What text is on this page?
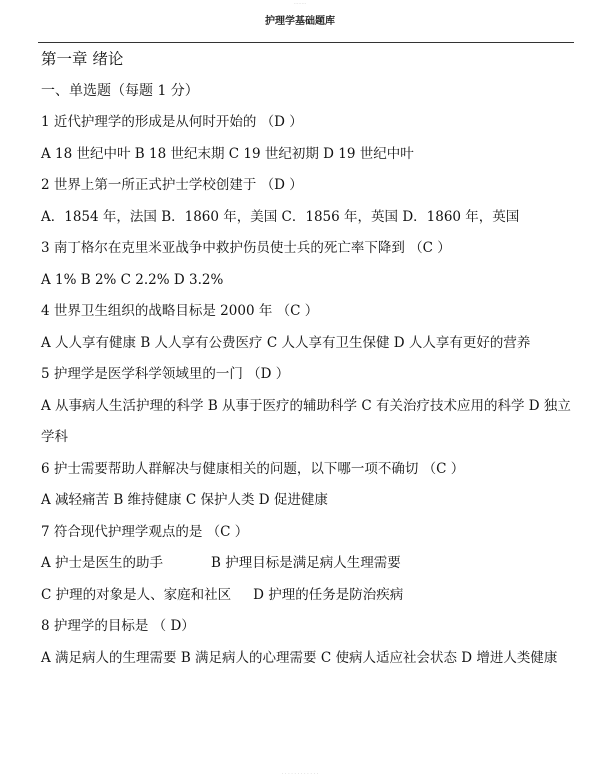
········
护理学基础题库
第一章 绪论
一、单选题（每题 1 分）
1 近代护理学的形成是从何时开始的 （D ）
A 18 世纪中叶 B 18 世纪末期 C 19 世纪初期 D 19 世纪中叶
2 世界上第一所正式护士学校创建于 （D ）
A．1854 年，法国 B．1860 年，美国 C．1856 年，英国 D．1860 年，英国
3 南丁格尔在克里米亚战争中救护伤员使士兵的死亡率下降到 （C ）
A 1% B 2% C 2.2% D 3.2%
4 世界卫生组织的战略目标是 2000 年 （C ）
A 人人享有健康 B 人人享有公费医疗 C 人人享有卫生保健 D 人人享有更好的营养
5 护理学是医学科学领域里的一门 （D ）
A 从事病人生活护理的科学 B 从事于医疗的辅助科学 C 有关治疗技术应用的科学 D 独立学科
6 护士需要帮助人群解决与健康相关的问题，以下哪一项不确切 （C ）
A 减轻痛苦 B 维持健康 C 保护人类 D 促进健康
7 符合现代护理学观点的是 （C ）
A 护士是医生的助手	B 护理目标是满足病人生理需要
C 护理的对象是人、家庭和社区 D 护理的任务是防治疾病
8 护理学的目标是 （ D）
A 满足病人的生理需要 B 满足病人的心理需要 C 使病人适应社会状态 D 增进人类健康
· · · · · · · · · · · ·
